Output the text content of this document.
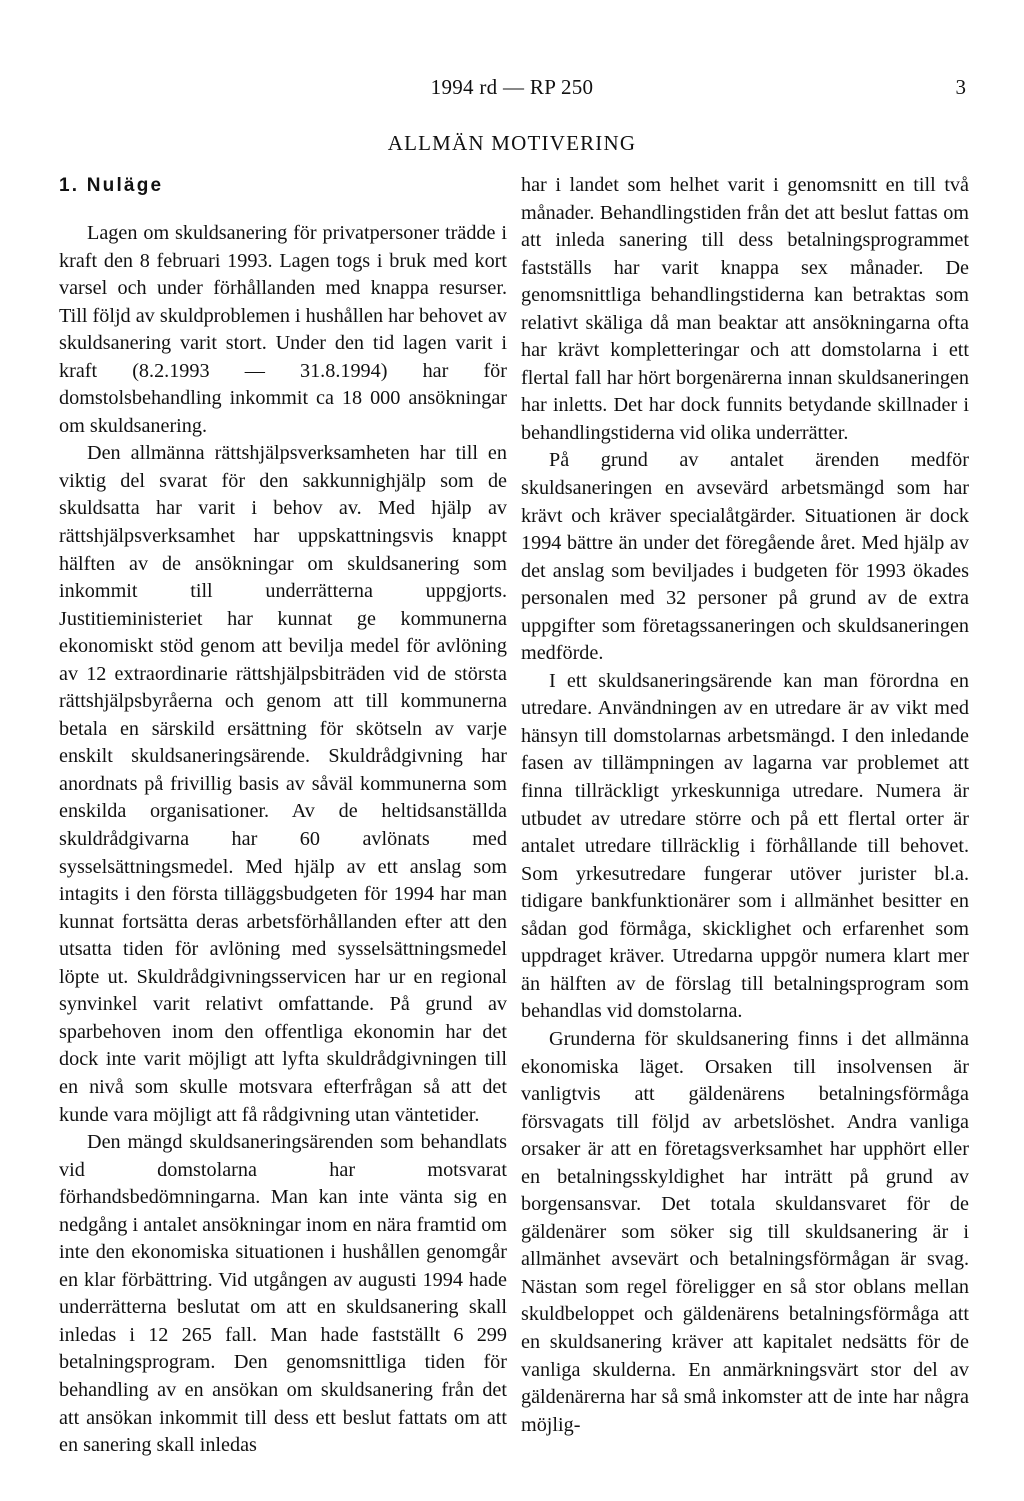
1994 rd — RP 250	3
ALLMÄN MOTIVERING
1. Nuläge

Lagen om skuldsanering för privatpersoner trädde i kraft den 8 februari 1993. Lagen togs i bruk med kort varsel och under förhållanden med knappa resurser. Till följd av skuldproblemen i hushållen har behovet av skuldsanering varit stort. Under den tid lagen varit i kraft (8.2.1993 — 31.8.1994) har för domstolsbehandling inkommit ca 18 000 ansökningar om skuldsanering.

Den allmänna rättshjälpsverksamheten har till en viktig del svarat för den sakkunnighjälp som de skuldsatta har varit i behov av. Med hjälp av rättshjälpsverksamhet har uppskattningsvis knappt hälften av de ansökningar om skuldsanering som inkommit till underrätterna uppgjorts. Justitieministeriet har kunnat ge kommunerna ekonomiskt stöd genom att bevilja medel för avlöning av 12 extraordinarie rättshjälpsbiträden vid de största rättshjälpsbyråerna och genom att till kommunerna betala en särskild ersättning för skötseln av varje enskilt skuldsaneringsärende. Skuldrådgivning har anordnats på frivillig basis av såväl kommunerna som enskilda organisationer. Av de heltidsanställda skuldrådgivarna har 60 avlönats med sysselsättningsmedel. Med hjälp av ett anslag som intagits i den första tilläggsbudgeten för 1994 har man kunnat fortsätta deras arbetsförhållanden efter att den utsatta tiden för avlöning med sysselsättningsmedel löpte ut. Skuldrådgivningsservicen har ur en regional synvinkel varit relativt omfattande. På grund av sparbehoven inom den offentliga ekonomin har det dock inte varit möjligt att lyfta skuldrådgivningen till en nivå som skulle motsvara efterfrågan så att det kunde vara möjligt att få rådgivning utan väntetider.

Den mängd skuldsaneringsärenden som behandlats vid domstolarna har motsvarat förhandsbedömningarna. Man kan inte vänta sig en nedgång i antalet ansökningar inom en nära framtid om inte den ekonomiska situationen i hushållen genomgår en klar förbättring. Vid utgången av augusti 1994 hade underrätterna beslutat om att en skuldsanering skall inledas i 12 265 fall. Man hade fastställt 6 299 betalningsprogram. Den genomsnittliga tiden för behandling av en ansökan om skuldsanering från det att ansökan inkommit till dess ett beslut fattats om att en sanering skall inledas

har i landet som helhet varit i genomsnitt en till två månader. Behandlingstiden från det att beslut fattas om att inleda sanering till dess betalningsprogrammet fastställs har varit knappa sex månader. De genomsnittliga behandlingstiderna kan betraktas som relativt skäliga då man beaktar att ansökningarna ofta har krävt kompletteringar och att domstolarna i ett flertal fall har hört borgenärerna innan skuldsaneringen har inletts. Det har dock funnits betydande skillnader i behandlingstiderna vid olika underrätter.

På grund av antalet ärenden medför skuldsaneringen en avsevärd arbetsmängd som har krävt och kräver specialåtgärder. Situationen är dock 1994 bättre än under det föregående året. Med hjälp av det anslag som beviljades i budgeten för 1993 ökades personalen med 32 personer på grund av de extra uppgifter som företagssaneringen och skuldsaneringen medförde.

I ett skuldsaneringsärende kan man förordna en utredare. Användningen av en utredare är av vikt med hänsyn till domstolarnas arbetsmängd. I den inledande fasen av tillämpningen av lagarna var problemet att finna tillräckligt yrkeskunniga utredare. Numera är utbudet av utredare större och på ett flertal orter är antalet utredare tillräcklig i förhållande till behovet. Som yrkesutredare fungerar utöver jurister bl.a. tidigare bankfunktionärer som i allmänhet besitter en sådan god förmåga, skicklighet och erfarenhet som uppdraget kräver. Utredarna uppgör numera klart mer än hälften av de förslag till betalningsprogram som behandlas vid domstolarna.

Grunderna för skuldsanering finns i det allmänna ekonomiska läget. Orsaken till insolvensen är vanligtvis att gäldenärens betalningsförmåga försvagats till följd av arbetslöshet. Andra vanliga orsaker är att en företagsverksamhet har upphört eller en betalningsskyldighet har inträtt på grund av borgensansvar. Det totala skuldansvaret för de gäldenärer som söker sig till skuldsanering är i allmänhet avsevärt och betalningsförmågan är svag. Nästan som regel föreligger en så stor oblans mellan skuldbeloppet och gäldenärens betalningsförmåga att en skuldsanering kräver att kapitalet nedsätts för de vanliga skulderna. En anmärkningsvärt stor del av gäldenärerna har så små inkomster att de inte har några möjlig-
